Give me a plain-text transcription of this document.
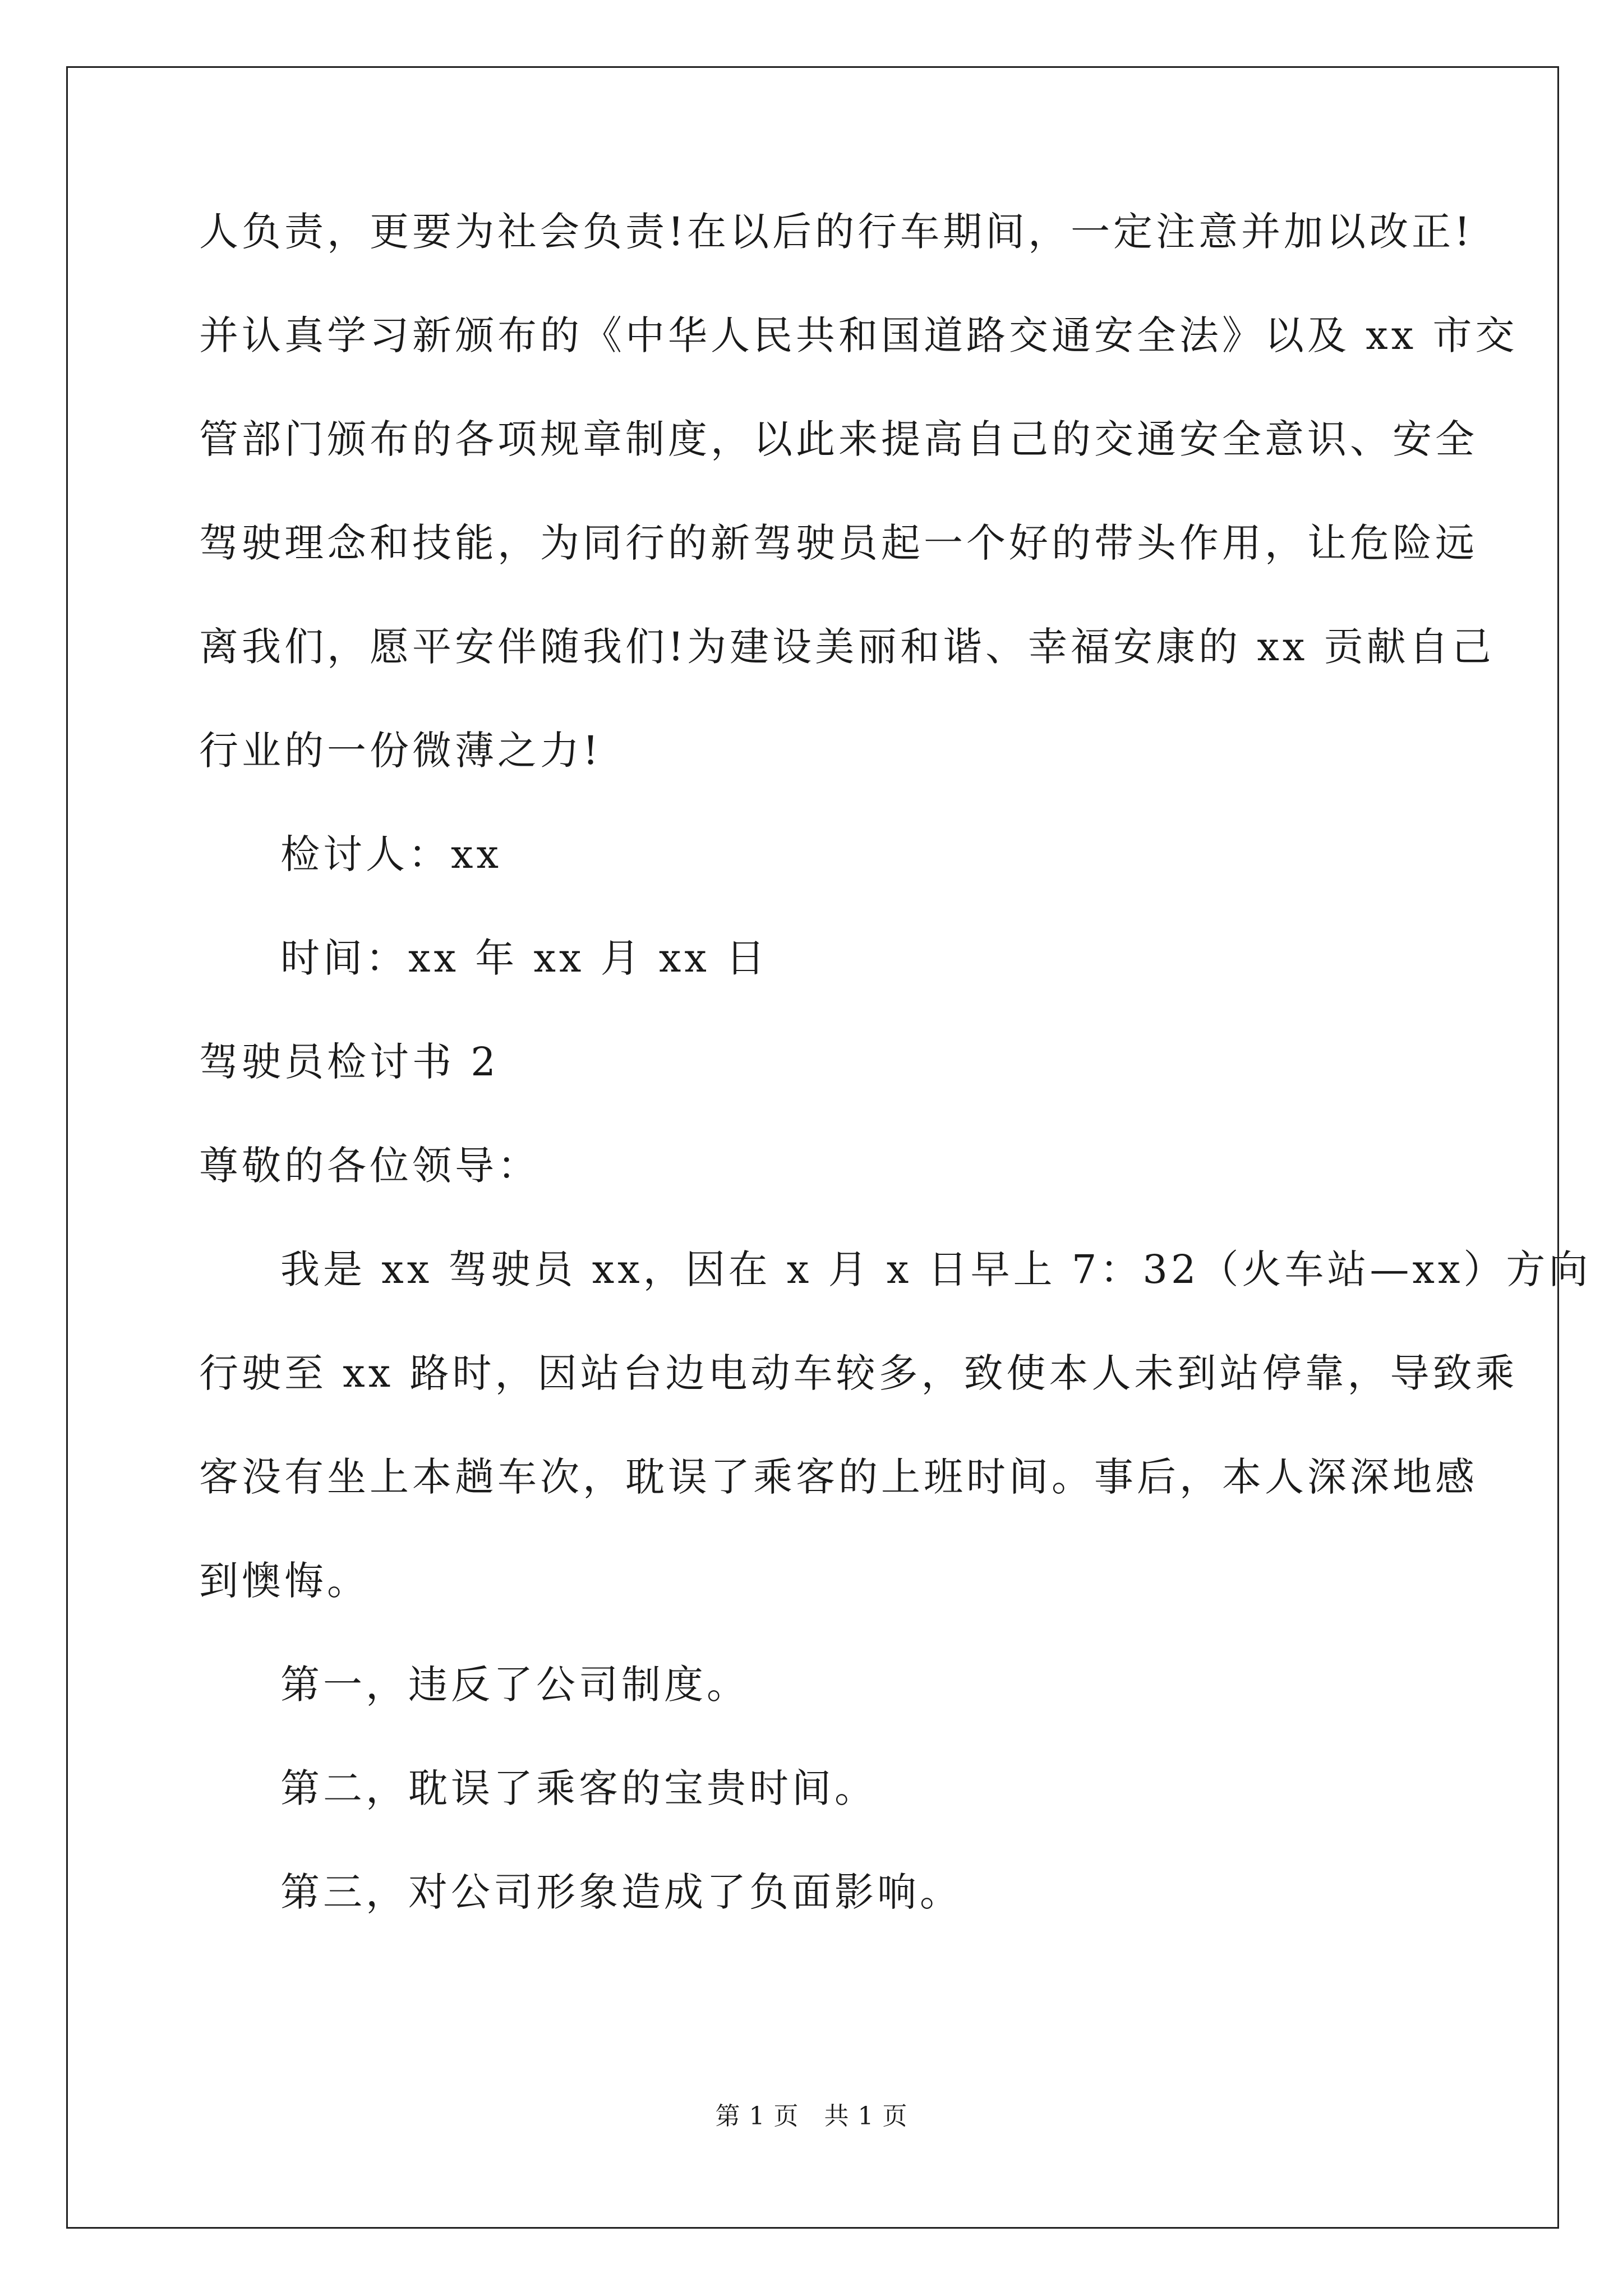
人负责，更要为社会负责!在以后的行车期间，一定注意并加以改正!
并认真学习新颁布的《中华人民共和国道路交通安全法》以及 xx 市交
管部门颁布的各项规章制度，以此来提高自己的交通安全意识、安全
驾驶理念和技能，为同行的新驾驶员起一个好的带头作用，让危险远
离我们，愿平安伴随我们!为建设美丽和谐、幸福安康的 xx 贡献自己
行业的一份微薄之力!
检讨人：xx
时间：xx 年 xx 月 xx 日
驾驶员检讨书 2
尊敬的各位领导：
我是 xx 驾驶员 xx，因在 x 月 x 日早上 7：32（火车站—xx）方向
行驶至 xx 路时，因站台边电动车较多，致使本人未到站停靠，导致乘
客没有坐上本趟车次，耽误了乘客的上班时间。事后，本人深深地感
到懊悔。
第一，违反了公司制度。
第二，耽误了乘客的宝贵时间。
第三，对公司形象造成了负面影响。
第 1 页　共 1 页
